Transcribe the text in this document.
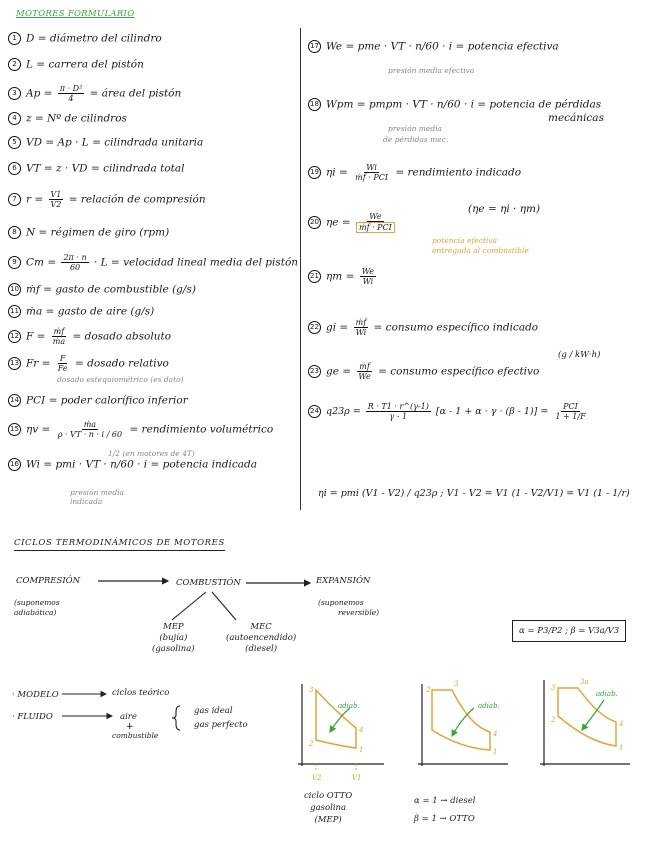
MOTORES FORMULARIO
1 D = diámetro del cilindro
2 L = carrera del pistón
3 $Ap = \frac{\text{π · D²}}{4}$ = área del pistón
4 z = Nº de cilindros
5 VD = Ap · L = cilindrada unitaria
6 VT = z · VD = cilindrada total
7 $r = \frac{V1}{V2}$ = relación de compresión
8 N = régimen de giro (rpm)
9 $Cm = \frac{2\pi \cdot n}{60} \cdot L$ = velocidad lineal media del pistón
10 ṁf = gasto de combustible (g/s)
11 ṁa = gasto de aire (g/s)
12 $F = \frac{\text{ṁf}}{\text{ṁa}}$ = dosado absoluto
13 $Fr = \frac{F}{Fe}$ = dosado relativo
14 PCI = poder calorífico inferior
15 $\eta v = \frac{\text{ṁa}}{\rho \cdot VT \cdot n \cdot i / 60}$ = rendimiento volumétrico
16 Wi = pmi · VT · n/60 · i = potencia indicada
dosado estequiométrico (es dato)
1/2 (en motores de 4T)
presión media indicada
17 We = pme · VT · n/60 · i = potencia efectiva
presión media efectiva
18 Wpm = pmpm · VT · n/60 · i = potencia de pérdidas
mecánicas
presión media
de pérdidas mec.
19 $\eta i = \frac{Wi}{\text{ṁf · PCI}}$ = rendimiento indicado
20 $\eta e = \frac{We}{\text{ṁf · PCI}}$
(ηe = ηi · ηm)
potencia efectiva
entregada al combustible
21 $\eta m = \frac{We}{Wi}$
22 gi = $\frac{\text{ṁf}}{Wi}$ = consumo específico indicado
23 ge = $\frac{\text{ṁf}}{We}$ = consumo específico efectivo
(g / kW·h)
24 $q23\rho = \frac{R \cdot T1 \cdot r\^{}(\gamma-1)}{\gamma - 1} [\alpha - 1 + \alpha \cdot \gamma \cdot (\beta - 1)] = \frac{\text{PCI}}{1 + 1/F}$
ηi = pmi (V1 - V2) / q23ρ ; V1 - V2 = V1 (1 - V2/V1) = V1 (1 - 1/r)
CICLOS TERMODINÁMICOS DE MOTORES
COMPRESIÓN	COMBUSTIÓN	EXPANSIÓN
(suponemos
adiabática)
(suponemos
reversible)
MEP
(bujía)
(gasolina)
MEC
(autoencendido)
(diesel)
α = P3/P2 ; β = V3a/V3
· MODELO	ciclos teórico
· FLUIDO	aire
combustible
gas ideal
gas perfecto
ciclo OTTO
gasolina
(MEP)
α = 1 → diesel
β = 1 → OTTO
+
adiab.
3
2
1
4
V2	V1
adiab.
2
3
4
1
adiab.
2
3
3a
4
1
